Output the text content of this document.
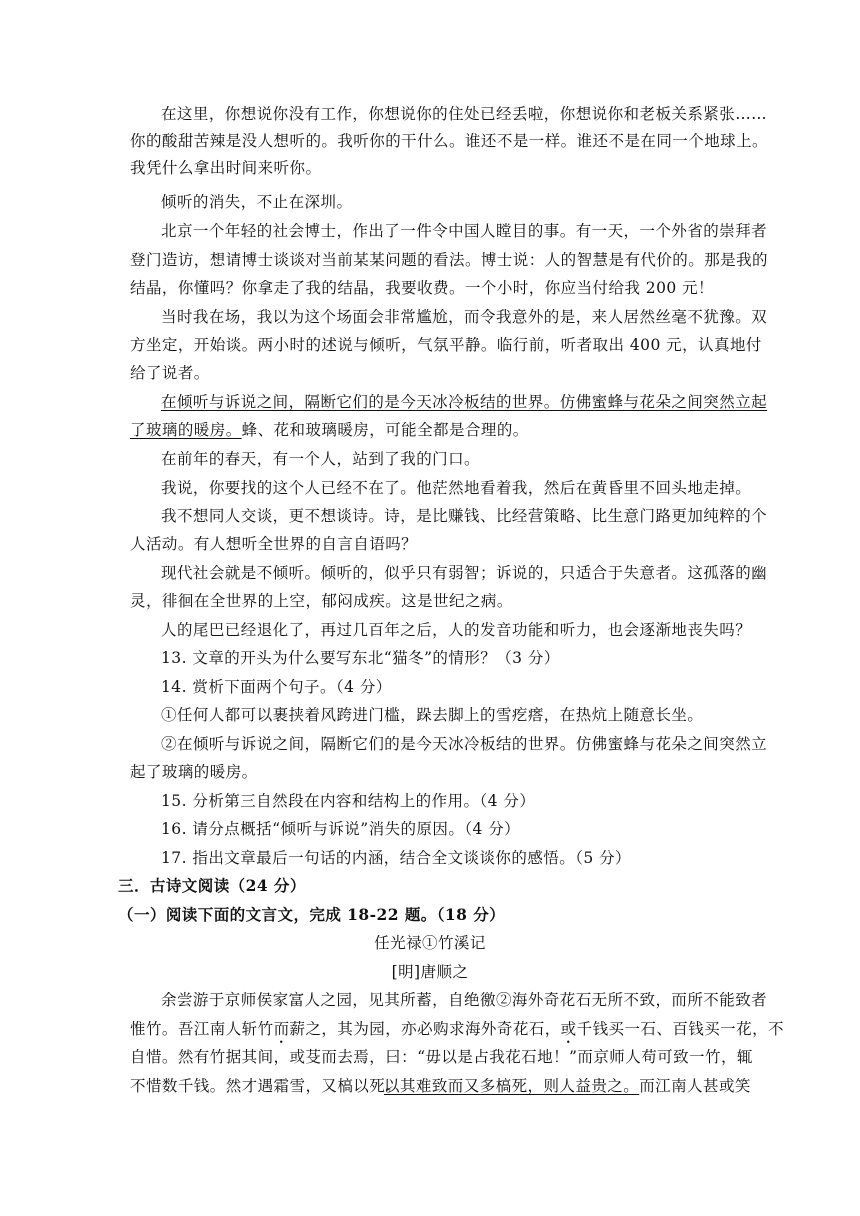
在这里，你想说你没有工作，你想说你的住处已经丢啦，你想说你和老板关系紧张……
你的酸甜苦辣是没人想听的。我听你的干什么。谁还不是一样。谁还不是在同一个地球上。
我凭什么拿出时间来听你。
倾听的消失，不止在深圳。
北京一个年轻的社会博士，作出了一件令中国人瞠目的事。有一天，一个外省的崇拜者
登门造访，想请博士谈谈对当前某某问题的看法。博士说：人的智慧是有代价的。那是我的
结晶，你懂吗？你拿走了我的结晶，我要收费。一个小时，你应当付给我 200 元！
当时我在场，我以为这个场面会非常尴尬，而令我意外的是，来人居然丝毫不犹豫。双
方坐定，开始谈。两小时的述说与倾听，气氛平静。临行前，听者取出 400 元，认真地付
给了说者。
在倾听与诉说之间，隔断它们的是今天冰冷板结的世界。仿佛蜜蜂与花朵之间突然立起
了玻璃的暖房。蜂、花和玻璃暖房，可能全都是合理的。
在前年的春天，有一个人，站到了我的门口。
我说，你要找的这个人已经不在了。他茫然地看着我，然后在黄昏里不回头地走掉。
我不想同人交谈，更不想谈诗。诗，是比赚钱、比经营策略、比生意门路更加纯粹的个
人活动。有人想听全世界的自言自语吗？
现代社会就是不倾听。倾听的，似乎只有弱智；诉说的，只适合于失意者。这孤落的幽
灵，徘徊在全世界的上空，郁闷成疾。这是世纪之病。
人的尾巴已经退化了，再过几百年之后，人的发音功能和听力，也会逐渐地丧失吗？
13. 文章的开头为什么要写东北“猫冬”的情形？（3 分）
14. 赏析下面两个句子。（4 分）
①任何人都可以裹挟着风跨进门槛，跺去脚上的雪疙瘩，在热炕上随意长坐。
②在倾听与诉说之间，隔断它们的是今天冰冷板结的世界。仿佛蜜蜂与花朵之间突然立
起了玻璃的暖房。
15. 分析第三自然段在内容和结构上的作用。（4 分）
16. 请分点概括“倾听与诉说”消失的原因。（4 分）
17. 指出文章最后一句话的内涵，结合全文谈谈你的感悟。（5 分）
三．古诗文阅读（24 分）
（一）阅读下面的文言文，完成 18-22 题。（18 分）
任光禄①竹溪记
[明]唐顺之
余尝游于京师侯家富人之园，见其所蓄，自绝徼②海外奇花石无所不致，而所不能致者
惟竹。吾江南人斩竹而薪之，其为园，亦必购求海外奇花石，或千钱买一石、百钱买一花，不
自惜。然有竹据其间，或芟而去焉，曰：“毋以是占我花石地！”而京师人苟可致一竹，辄
不惜数千钱。然才遇霜雪，又槁以死。
以其难致而又多槁死，则人益贵之。而江南人甚或笑
